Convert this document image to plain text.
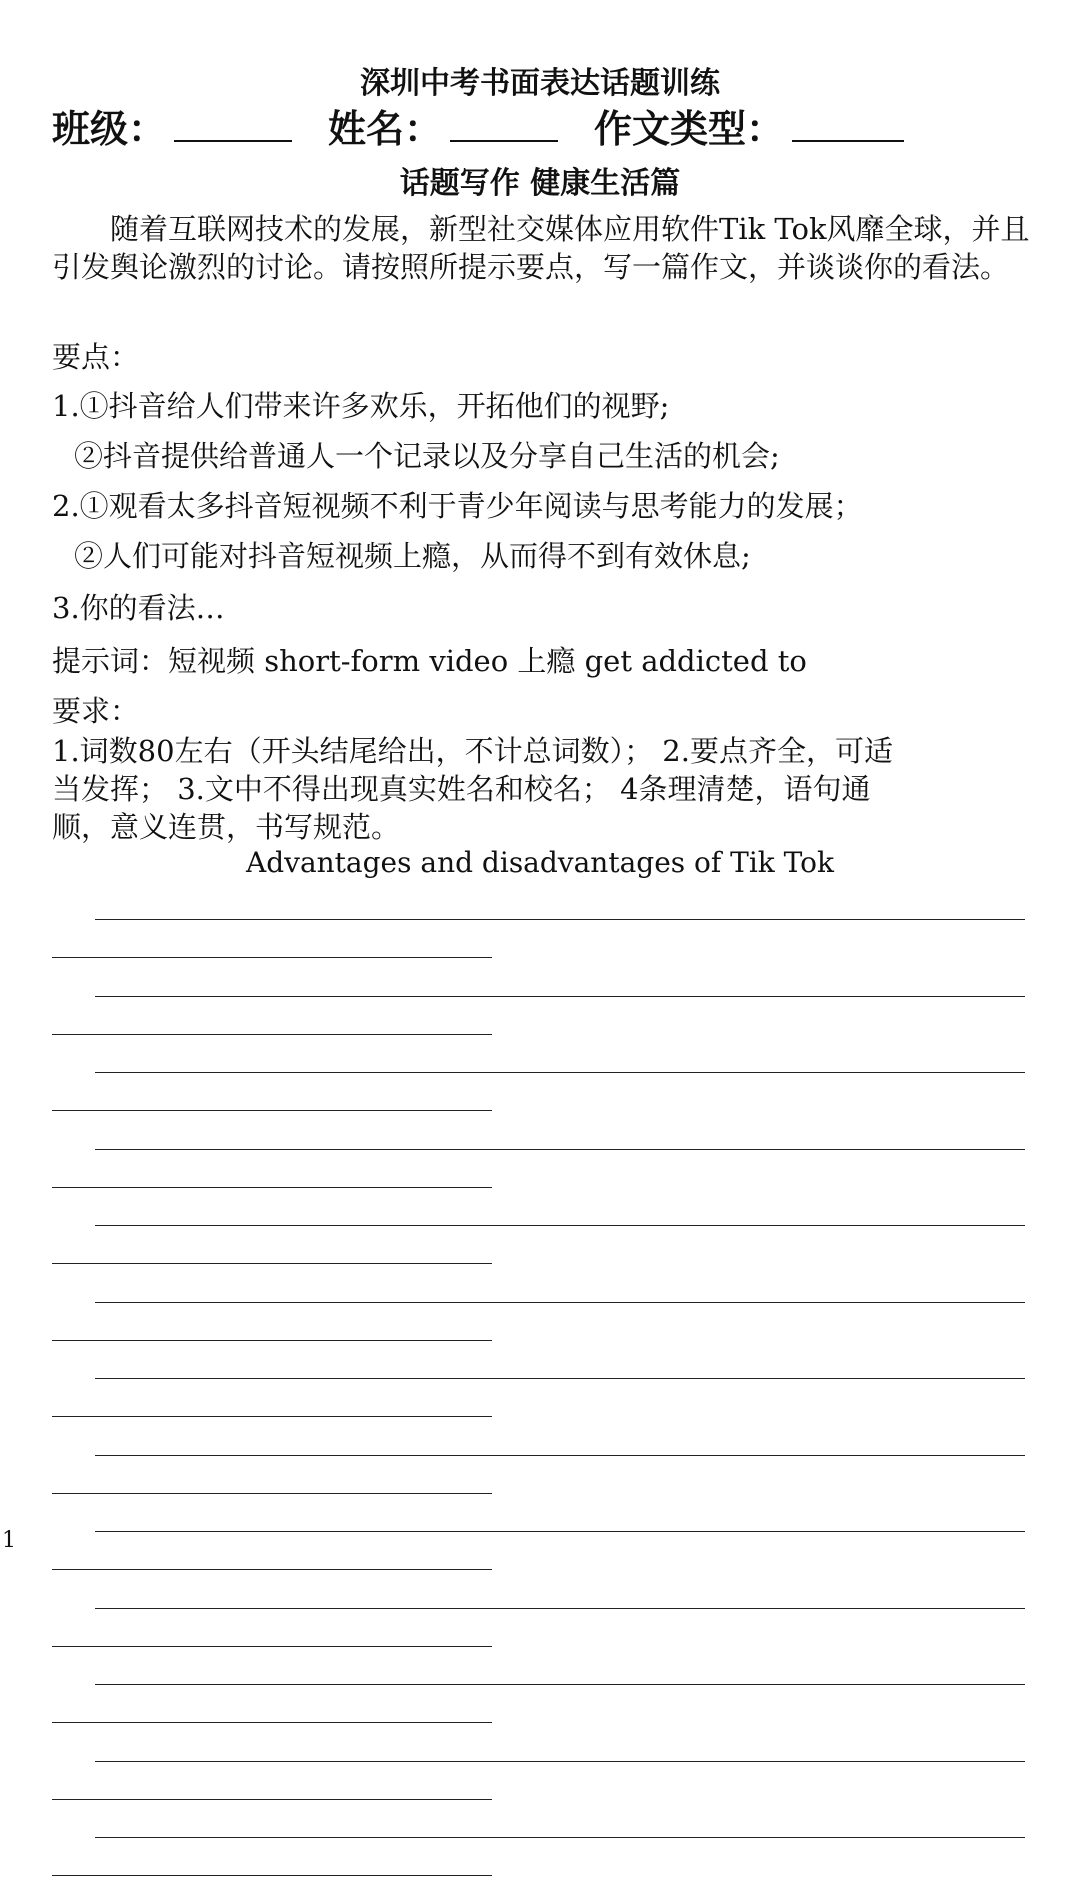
深圳中考书面表达话题训练
班级：	姓名：	作文类型：
话题写作 健康生活篇
随着互联网技术的发展，新型社交媒体应用软件Tik Tok风靡全球，并且引发舆论激烈的讨论。请按照所提示要点，写一篇作文，并谈谈你的看法。
要点：
1.①抖音给人们带来许多欢乐，开拓他们的视野;
②抖音提供给普通人一个记录以及分享自己生活的机会;
2.①观看太多抖音短视频不利于青少年阅读与思考能力的发展；
②人们可能对抖音短视频上瘾，从而得不到有效休息;
3.你的看法…
提示词：短视频 short-form video 上瘾 get addicted to
要求：
1.词数80左右（开头结尾给出，不计总词数）； 2.要点齐全，可适
当发挥； 3.文中不得出现真实姓名和校名； 4条理清楚，语句通
顺，意义连贯，书写规范。
Advantages and disadvantages of Tik Tok
1
